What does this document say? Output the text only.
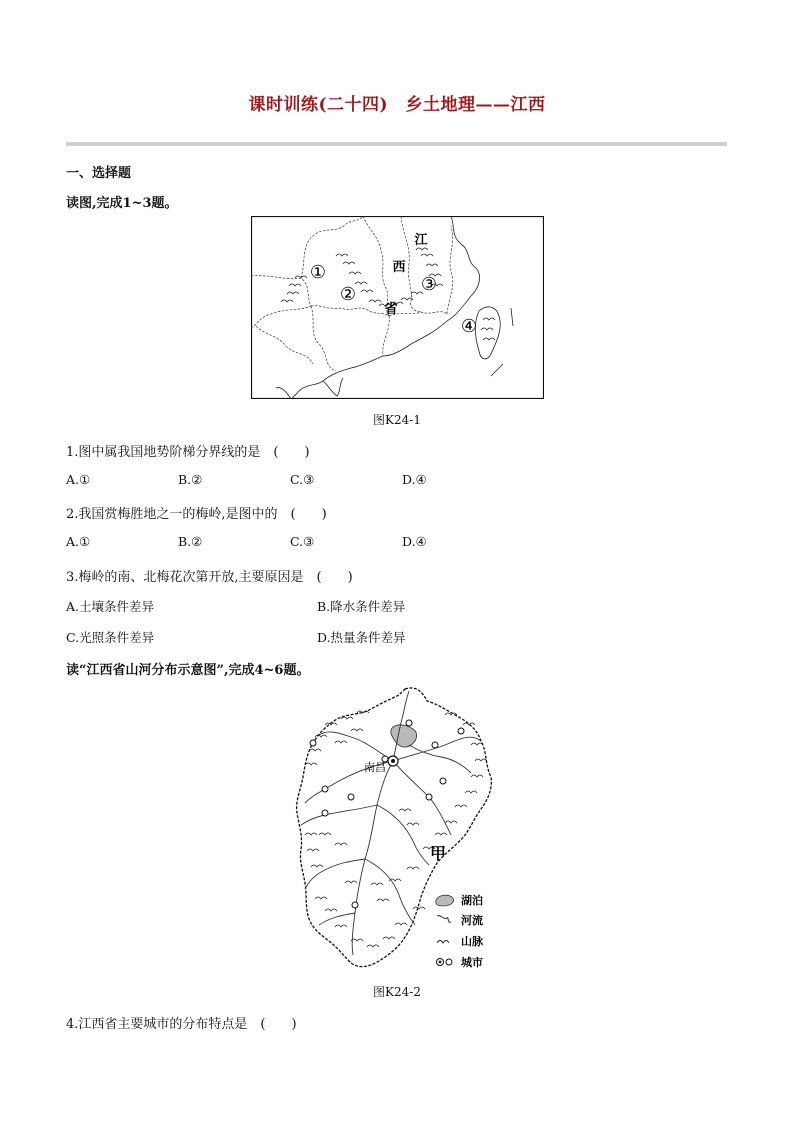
课时训练(二十四)　乡土地理——江西
一、选择题
读图,完成1~3题。
①
②	③
④
江
西
省
图K24-1
1.图中属我国地势阶梯分界线的是　(　　)
A.①	B.②	C.③	D.④
2.我国赏梅胜地之一的梅岭,是图中的　(　　)
A.①	B.②	C.③	D.④
3.梅岭的南、北梅花次第开放,主要原因是　(　　)
A.土壤条件差异	B.降水条件差异
C.光照条件差异	D.热量条件差异
读“江西省山河分布示意图”,完成4~6题。
南昌
甲
湖泊
河流
山脉
城市
图K24-2
4.江西省主要城市的分布特点是　(　　)
